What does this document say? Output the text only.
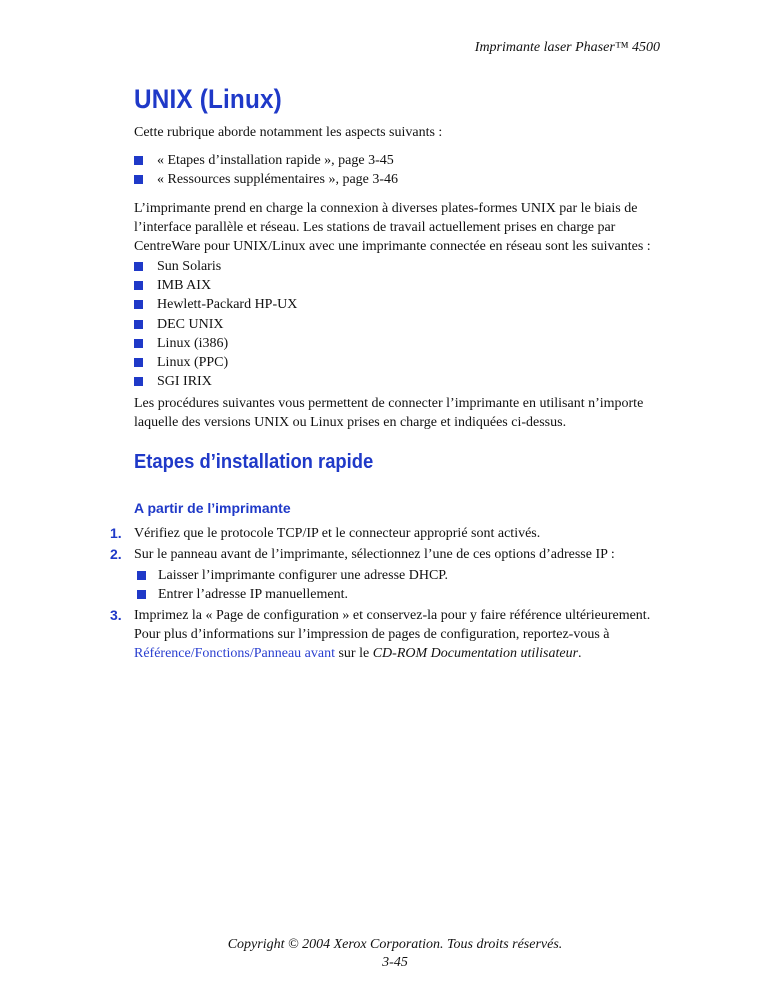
Imprimante laser Phaser™ 4500
UNIX (Linux)

Cette rubrique aborde notamment les aspects suivants :

« Etapes d’installation rapide », page 3-45
« Ressources supplémentaires », page 3-46

L’imprimante prend en charge la connexion à diverses plates-formes UNIX par le biais de l’interface parallèle et réseau. Les stations de travail actuellement prises en charge par CentreWare pour UNIX/Linux avec une imprimante connectée en réseau sont les suivantes :

Sun Solaris
IMB AIX
Hewlett-Packard HP-UX
DEC UNIX
Linux (i386)
Linux (PPC)
SGI IRIX

Les procédures suivantes vous permettent de connecter l’imprimante en utilisant n’importe laquelle des versions UNIX ou Linux prises en charge et indiquées ci-dessus.

Etapes d’installation rapide
A partir de l’imprimante
1. Vérifiez que le protocole TCP/IP et le connecteur approprié sont activés.
2. Sur le panneau avant de l’imprimante, sélectionnez l’une de ces options d’adresse IP :
Laisser l’imprimante configurer une adresse DHCP.
Entrer l’adresse IP manuellement.
3. Imprimez la « Page de configuration » et conservez-la pour y faire référence ultérieurement.
Pour plus d’informations sur l’impression de pages de configuration, reportez-vous à
Référence/Fonctions/Panneau avant sur le CD-ROM Documentation utilisateur.
Copyright © 2004 Xerox Corporation. Tous droits réservés.
3-45
